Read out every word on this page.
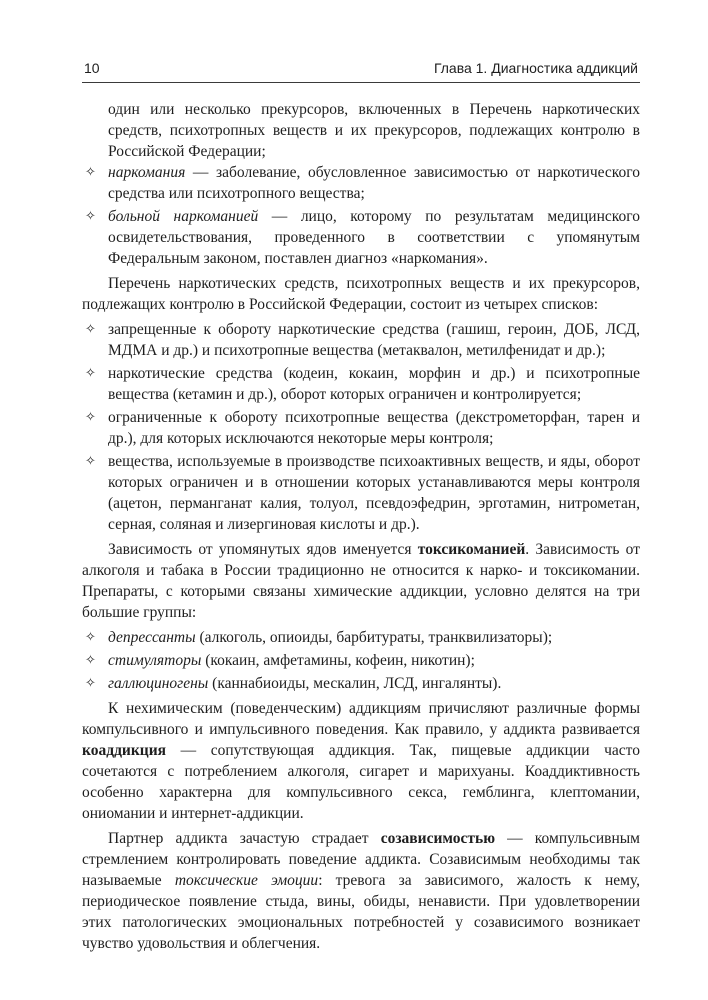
10	Глава 1. Диагностика аддикций

один или несколько прекурсоров, включенных в Перечень наркотических средств, психотропных веществ и их прекурсоров, подлежащих контролю в Российской Федерации;

✧ наркомания — заболевание, обусловленное зависимостью от наркотического средства или психотропного вещества;
✧ больной наркоманией — лицо, которому по результатам медицинского освидетельствования, проведенного в соответствии с упомянутым Федеральным законом, поставлен диагноз «наркомания».

Перечень наркотических средств, психотропных веществ и их прекурсоров, подлежащих контролю в Российской Федерации, состоит из четырех списков:

✧ запрещенные к обороту наркотические средства (гашиш, героин, ДОБ, ЛСД, МДМА и др.) и психотропные вещества (метаквалон, метилфенидат и др.);
✧ наркотические средства (кодеин, кокаин, морфин и др.) и психотропные вещества (кетамин и др.), оборот которых ограничен и контролируется;
✧ ограниченные к обороту психотропные вещества (декстрометорфан, тарен и др.), для которых исключаются некоторые меры контроля;
✧ вещества, используемые в производстве психоактивных веществ, и яды, оборот которых ограничен и в отношении которых устанавливаются меры контроля (ацетон, перманганат калия, толуол, псевдоэфедрин, эрготамин, нитрометан, серная, соляная и лизергиновая кислоты и др.).

Зависимость от упомянутых ядов именуется токсикоманией. Зависимость от алкоголя и табака в России традиционно не относится к нарко- и токсикомании. Препараты, с которыми связаны химические аддикции, условно делятся на три большие группы:

✧ депрессанты (алкоголь, опиоиды, барбитураты, транквилизаторы);
✧ стимуляторы (кокаин, амфетамины, кофеин, никотин);
✧ галлюциногены (каннабиоиды, мескалин, ЛСД, ингалянты).

К нехимическим (поведенческим) аддикциям причисляют различные формы компульсивного и импульсивного поведения. Как правило, у аддикта развивается коаддикция — сопутствующая аддикция. Так, пищевые аддикции часто сочетаются с потреблением алкоголя, сигарет и марихуаны. Коаддиктивность особенно характерна для компульсивного секса, гемблинга, клептомании, ониомании и интернет-аддикции.

Партнер аддикта зачастую страдает созависимостью — компульсивным стремлением контролировать поведение аддикта. Созависимым необходимы так называемые токсические эмоции: тревога за зависимого, жалость к нему, периодическое появление стыда, вины, обиды, ненависти. При удовлетворении этих патологических эмоциональных потребностей у созависимого возникает чувство удовольствия и облегчения.
